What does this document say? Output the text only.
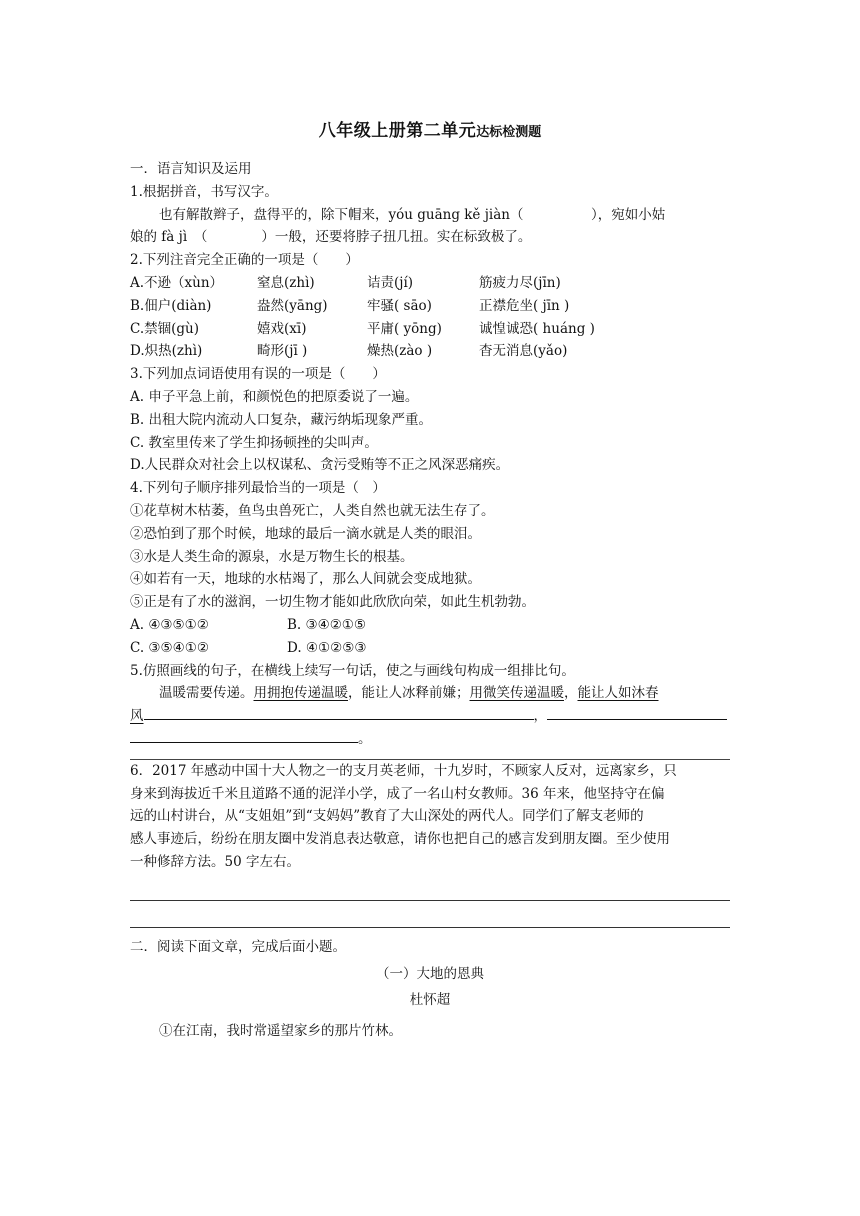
八年级上册第二单元达标检测题
一．语言知识及运用
1.根据拼音，书写汉字。
也有解散辫子，盘得平的，除下帽来，yóu guāng kě jiàn（　　　　　），宛如小姑
娘的 fà jì　（　　　　）一般，还要将脖子扭几扭。实在标致极了。
2.下列注音完全正确的一项是（　　）
A.不逊（xùn）	窒息(zhì)	诘责(jí)	筋疲力尽(jīn)
B.佃户(diàn)	盎然(yāng)	牢骚( sāo)	正襟危坐( jīn )
C.禁锢(gù)	嬉戏(xī)	平庸( yōng)	诚惶诚恐( huáng )
D.炽热(zhì)	畸形(jī )	燥热(zào )	杳无消息(yǎo)
3.下列加点词语使用有误的一项是（　　）
A. 申子平急上前，和颜悦色的把原委说了一遍。
B. 出租大院内流动人口复杂，藏污纳垢现象严重。
C. 教室里传来了学生抑扬顿挫的尖叫声。
D.人民群众对社会上以权谋私、贪污受贿等不正之风深恶痛疾。
4.下列句子顺序排列最恰当的一项是（　）
①花草树木枯萎，鱼鸟虫兽死亡，人类自然也就无法生存了。
②恐怕到了那个时候，地球的最后一滴水就是人类的眼泪。
③水是人类生命的源泉，水是万物生长的根基。
④如若有一天，地球的水枯竭了，那么人间就会变成地狱。
⑤正是有了水的滋润，一切生物才能如此欣欣向荣，如此生机勃勃。
A. ④③⑤①②	B. ③④②①⑤
C. ③⑤④①②	D. ④①②⑤③
5.仿照画线的句子，在横线上续写一句话，使之与画线句构成一组排比句。
温暖需要传递。用拥抱传递温暖，能让人冰释前嫌；用微笑传递温暖，能让人如沐春
风	，
。
6．2017 年感动中国十大人物之一的支月英老师，十九岁时，不顾家人反对，远离家乡，只
身来到海拔近千米且道路不通的泥洋小学，成了一名山村女教师。36 年来，他坚持守在偏
远的山村讲台，从“支姐姐”到“支妈妈”教育了大山深处的两代人。同学们了解支老师的
感人事迹后，纷纷在朋友圈中发消息表达敬意，请你也把自己的感言发到朋友圈。至少使用
一种修辞方法。50 字左右。
二．阅读下面文章，完成后面小题。
（一）大地的恩典
杜怀超
①在江南，我时常遥望家乡的那片竹林。
